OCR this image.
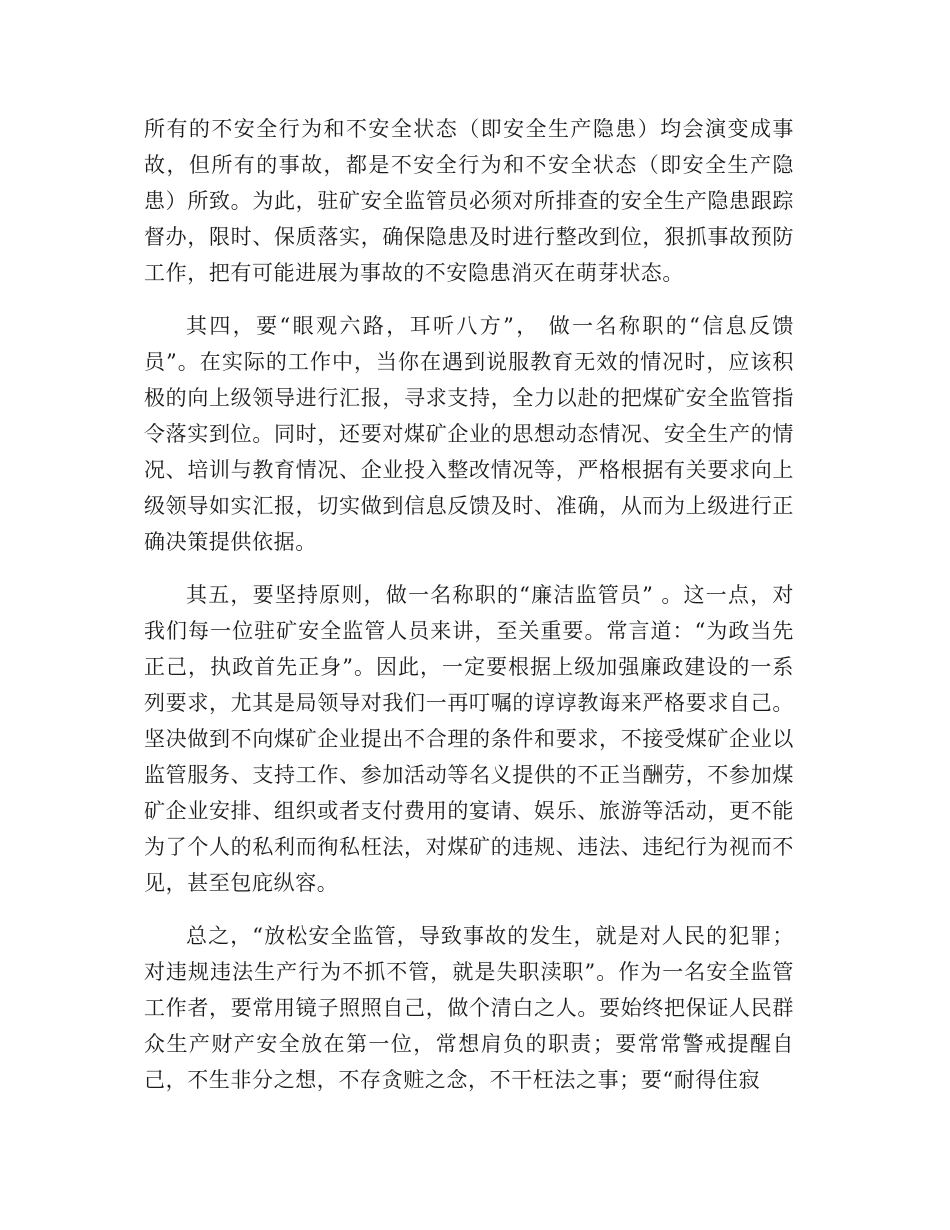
所有的不安全行为和不安全状态（即安全生产隐患）均会演变成事故，但所有的事故，都是不安全行为和不安全状态（即安全生产隐患）所致。为此，驻矿安全监管员必须对所排查的安全生产隐患跟踪督办，限时、保质落实，确保隐患及时进行整改到位，狠抓事故预防工作，把有可能进展为事故的不安隐患消灭在萌芽状态。

其四，要“眼观六路，耳听八方”， 做一名称职的“信息反馈员”。在实际的工作中，当你在遇到说服教育无效的情况时，应该积极的向上级领导进行汇报，寻求支持，全力以赴的把煤矿安全监管指令落实到位。同时，还要对煤矿企业的思想动态情况、安全生产的情况、培训与教育情况、企业投入整改情况等，严格根据有关要求向上级领导如实汇报，切实做到信息反馈及时、准确，从而为上级进行正确决策提供依据。

其五，要坚持原则，做一名称职的“廉洁监管员” 。这一点，对我们每一位驻矿安全监管人员来讲，至关重要。常言道：“为政当先正己，执政首先正身”。因此，一定要根据上级加强廉政建设的一系列要求，尤其是局领导对我们一再叮嘱的谆谆教诲来严格要求自己。坚决做到不向煤矿企业提出不合理的条件和要求，不接受煤矿企业以监管服务、支持工作、参加活动等名义提供的不正当酬劳，不参加煤矿企业安排、组织或者支付费用的宴请、娱乐、旅游等活动，更不能为了个人的私利而徇私枉法，对煤矿的违规、违法、违纪行为视而不见，甚至包庇纵容。

总之，“放松安全监管，导致事故的发生，就是对人民的犯罪；对违规违法生产行为不抓不管，就是失职渎职”。作为一名安全监管工作者，要常用镜子照照自己，做个清白之人。要始终把保证人民群众生产财产安全放在第一位，常想肩负的职责；要常常警戒提醒自己，不生非分之想，不存贪赃之念，不干枉法之事；要“耐得住寂
